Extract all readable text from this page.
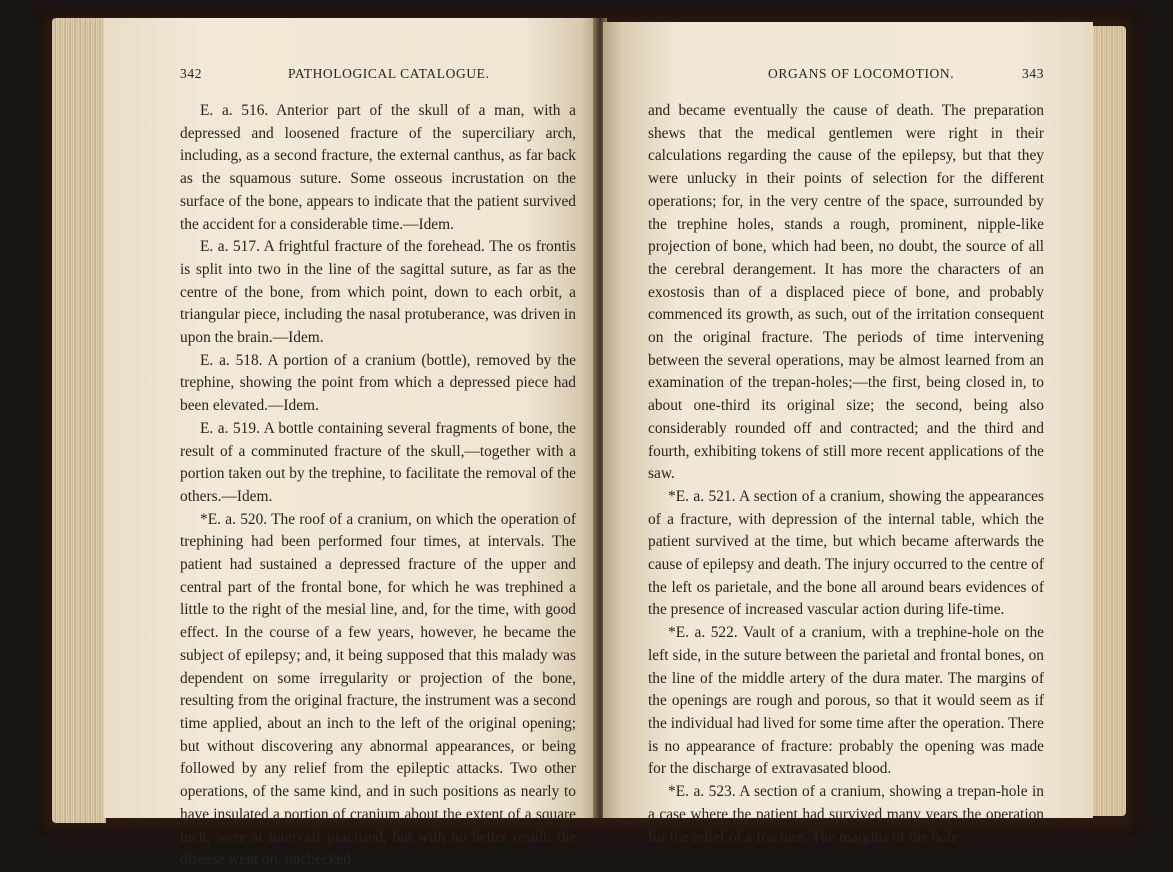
342	PATHOLOGICAL CATALOGUE.	ORGANS OF LOCOMOTION.	343

E. a. 516. Anterior part of the skull of a man, with a depressed and loosened fracture of the superciliary arch, including, as a second fracture, the external canthus, as far back as the squamous suture. Some osseous incrustation on the surface of the bone, appears to indicate that the patient survived the accident for a considerable time.—Idem.

E. a. 517. A frightful fracture of the forehead. The os frontis is split into two in the line of the sagittal suture, as far as the centre of the bone, from which point, down to each orbit, a triangular piece, including the nasal protuberance, was driven in upon the brain.—Idem.

E. a. 518. A portion of a cranium (bottle), removed by the trephine, showing the point from which a depressed piece had been elevated.—Idem.

E. a. 519. A bottle containing several fragments of bone, the result of a comminuted fracture of the skull,—together with a portion taken out by the trephine, to facilitate the removal of the others.—Idem.

*E. a. 520. The roof of a cranium, on which the operation of trephining had been performed four times, at intervals. The patient had sustained a depressed fracture of the upper and central part of the frontal bone, for which he was trephined a little to the right of the mesial line, and, for the time, with good effect. In the course of a few years, however, he became the subject of epilepsy; and, it being supposed that this malady was dependent on some irregularity or projection of the bone, resulting from the original fracture, the instrument was a second time applied, about an inch to the left of the original opening; but without discovering any abnormal appearances, or being followed by any relief from the epileptic attacks. Two other operations, of the same kind, and in such positions as nearly to have insulated a portion of cranium about the extent of a square inch, were at intervals practised, but with no better result: the disease went on, unchecked,

and became eventually the cause of death. The preparation shews that the medical gentlemen were right in their calculations regarding the cause of the epilepsy, but that they were unlucky in their points of selection for the different operations; for, in the very centre of the space, surrounded by the trephine holes, stands a rough, prominent, nipple-like projection of bone, which had been, no doubt, the source of all the cerebral derangement. It has more the characters of an exostosis than of a displaced piece of bone, and probably commenced its growth, as such, out of the irritation consequent on the original fracture. The periods of time intervening between the several operations, may be almost learned from an examination of the trepan-holes;—the first, being closed in, to about one-third its original size; the second, being also considerably rounded off and contracted; and the third and fourth, exhibiting tokens of still more recent applications of the saw.

*E. a. 521. A section of a cranium, showing the appearances of a fracture, with depression of the internal table, which the patient survived at the time, but which became afterwards the cause of epilepsy and death. The injury occurred to the centre of the left os parietale, and the bone all around bears evidences of the presence of increased vascular action during life-time.

*E. a. 522. Vault of a cranium, with a trephine-hole on the left side, in the suture between the parietal and frontal bones, on the line of the middle artery of the dura mater. The margins of the openings are rough and porous, so that it would seem as if the individual had lived for some time after the operation. There is no appearance of fracture: probably the opening was made for the discharge of extravasated blood.

*E. a. 523. A section of a cranium, showing a trepan-hole in a case where the patient had survived many years the operation for the relief of a fracture. The margins of the hole
